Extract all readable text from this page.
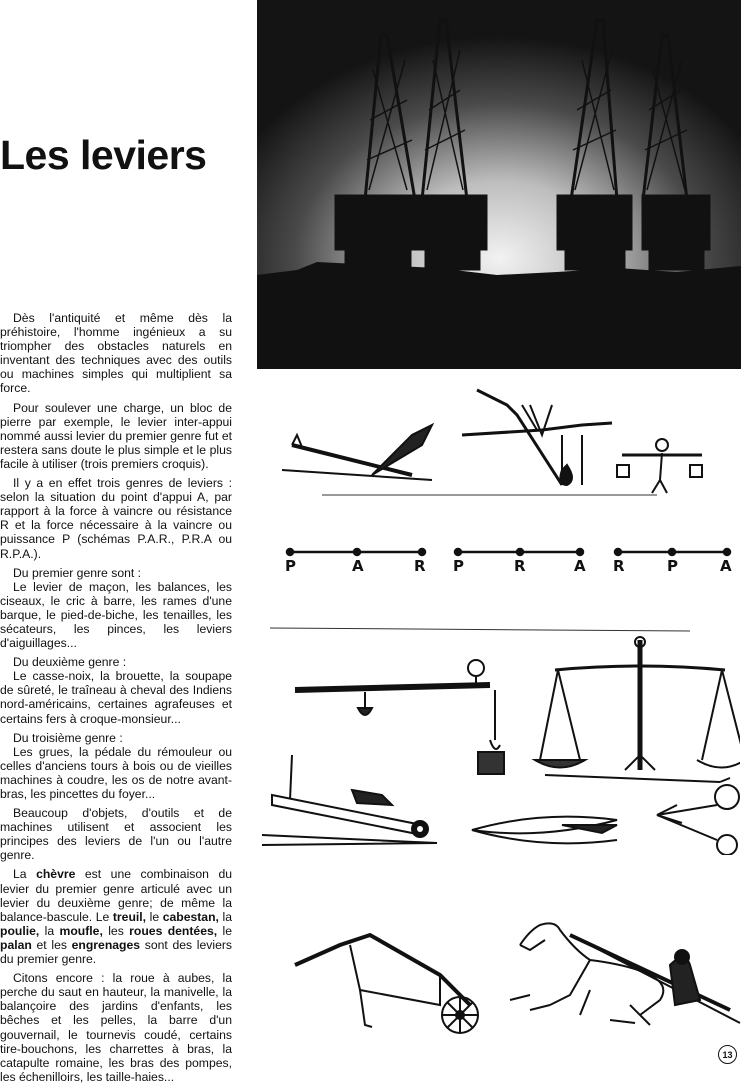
Les leviers

Dès l'antiquité et même dès la préhistoire, l'homme ingénieux a su triompher des obstacles naturels en inventant des techniques avec des outils ou machines simples qui multiplient sa force.

Pour soulever une charge, un bloc de pierre par exemple, le levier inter-appui nommé aussi levier du premier genre fut et restera sans doute le plus simple et le plus facile à utiliser (trois premiers croquis).

Il y a en effet trois genres de leviers : selon la situation du point d'appui A, par rapport à la force à vaincre ou résistance R et la force nécessaire à la vaincre ou puissance P (schémas P.A.R., P.R.A ou R.P.A.).

Du premier genre sont :

Le levier de maçon, les balances, les ciseaux, le cric à barre, les rames d'une barque, le pied-de-biche, les tenailles, les sécateurs, les pinces, les leviers d'aiguillages...

Du deuxième genre :

Le casse-noix, la brouette, la soupape de sûreté, le traîneau à cheval des Indiens nord-américains, certaines agrafeuses et certains fers à croque-monsieur...

Du troisième genre :

Les grues, la pédale du rémouleur ou celles d'anciens tours à bois ou de vieilles machines à coudre, les os de notre avant-bras, les pincettes du foyer...

Beaucoup d'objets, d'outils et de machines utilisent et associent les principes des leviers de l'un ou l'autre genre.

La chèvre est une combinaison du levier du premier genre articulé avec un levier du deuxième genre; de même la balance-bascule. Le treuil, le cabestan, la poulie, la moufle, les roues dentées, le palan et les engrenages sont des leviers du premier genre.

Citons encore : la roue à aubes, la perche du saut en hauteur, la manivelle, la balançoire des jardins d'enfants, les bêches et les pelles, la barre d'un gouvernail, le tournevis coudé, certains tire-bouchons, les charrettes à bras, la catapulte romaine, les bras des pompes, les échenilloirs, les taille-haies...

P	A	R P	R	A R	P	A
13
